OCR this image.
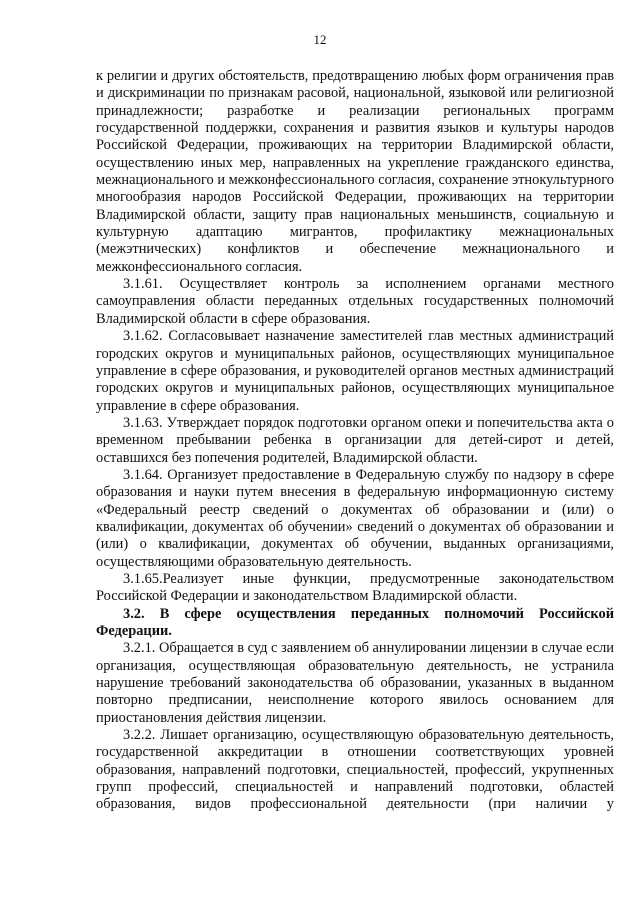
12

к религии и других обстоятельств, предотвращению любых форм ограничения прав и дискриминации по признакам расовой, национальной, языковой или религиозной принадлежности; разработке и реализации региональных программ государственной поддержки, сохранения и развития языков и культуры народов Российской Федерации, проживающих на территории Владимирской области, осуществлению иных мер, направленных на укрепление гражданского единства, межнационального и межконфессионального согласия, сохранение этнокультурного многообразия народов Российской Федерации, проживающих на территории Владимирской области, защиту прав национальных меньшинств, социальную и культурную адаптацию мигрантов, профилактику межнациональных (межэтнических) конфликтов и обеспечение межнационального и межконфессионального согласия.

3.1.61. Осуществляет контроль за исполнением органами местного самоуправления области переданных отдельных государственных полномочий Владимирской области в сфере образования.

3.1.62. Согласовывает назначение заместителей глав местных администраций городских округов и муниципальных районов, осуществляющих муниципальное управление в сфере образования, и руководителей органов местных администраций городских округов и муниципальных районов, осуществляющих муниципальное управление в сфере образования.

3.1.63. Утверждает порядок подготовки органом опеки и попечительства акта о временном пребывании ребенка в организации для детей-сирот и детей, оставшихся без попечения родителей, Владимирской области.

3.1.64. Организует предоставление в Федеральную службу по надзору в сфере образования и науки путем внесения в федеральную информационную систему «Федеральный реестр сведений о документах об образовании и (или) о квалификации, документах об обучении» сведений о документах об образовании и (или) о квалификации, документах об обучении, выданных организациями, осуществляющими образовательную деятельность.

3.1.65.Реализует иные функции, предусмотренные законодательством Российской Федерации и законодательством Владимирской области.

3.2. В сфере осуществления переданных полномочий Российской Федерации.

3.2.1. Обращается в суд с заявлением об аннулировании лицензии в случае если организация, осуществляющая образовательную деятельность, не устранила нарушение требований законодательства об образовании, указанных в выданном повторно предписании, неисполнение которого явилось основанием для приостановления действия лицензии.

3.2.2. Лишает организацию, осуществляющую образовательную деятельность, государственной аккредитации в отношении соответствующих уровней образования, направлений подготовки, специальностей, профессий, укрупненных групп профессий, специальностей и направлений подготовки, областей образования, видов профессиональной деятельности (при наличии у
